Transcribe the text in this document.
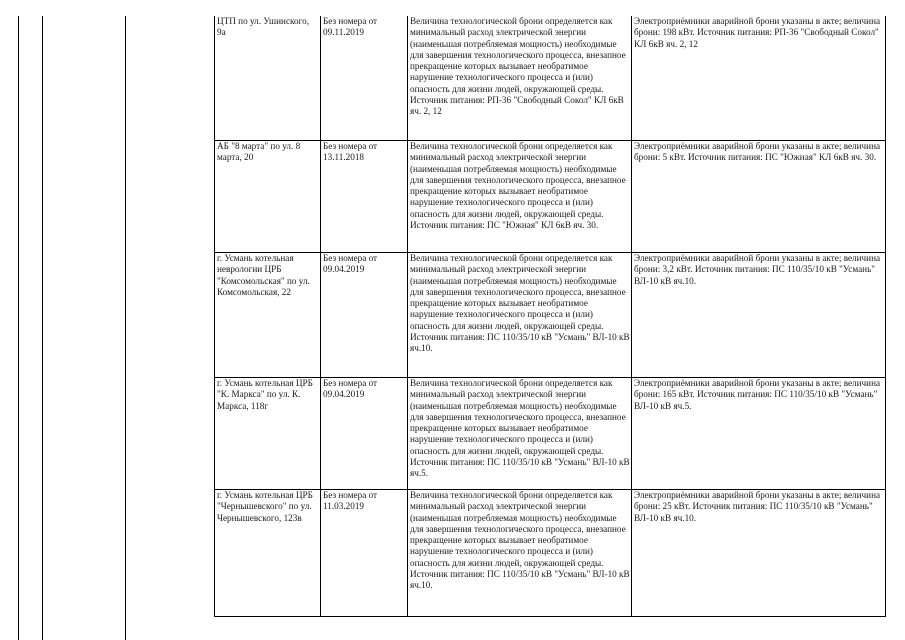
ЦТП по ул. Ушинского, 9а	Без номера от 09.11.2019	Величина технологической брони определяется как минимальный расход электрической энергии (наименьшая потребляемая мощность) необходимые для завершения технологического процесса, внезапное прекращение которых вызывает необратимое нарушение технологического процесса и (или) опасность для жизни людей, окружающей среды. Источник питания: РП-36 "Свободный Сокол" КЛ 6кВ яч. 2, 12	Электроприёмники аварийной брони указаны в акте; величина брони: 198 кВт. Источник питания: РП-36 "Свободный Сокол" КЛ 6кВ яч. 2, 12

АБ "8 марта" по ул. 8 марта, 20	Без номера от 13.11.2018	Величина технологической брони определяется как минимальный расход электрической энергии (наименьшая потребляемая мощность) необходимые для завершения технологического процесса, внезапное прекращение которых вызывает необратимое нарушение технологического процесса и (или) опасность для жизни людей, окружающей среды. Источник питания: ПС "Южная" КЛ 6кВ яч. 30.	Электроприёмники аварийной брони указаны в акте; величина брони: 5 кВт. Источник питания: ПС "Южная" КЛ 6кВ яч. 30.

г. Усмань котельная неврологии ЦРБ "Комсомольская" по ул. Комсомольская, 22	Без номера от 09.04.2019	Величина технологической брони определяется как минимальный расход электрической энергии (наименьшая потребляемая мощность) необходимые для завершения технологического процесса, внезапное прекращение которых вызывает необратимое нарушение технологического процесса и (или) опасность для жизни людей, окружающей среды. Источник питания: ПС 110/35/10 кВ "Усмань" ВЛ-10 кВ яч.10.	Электроприёмники аварийной брони указаны в акте; величина брони: 3,2 кВт. Источник питания: ПС 110/35/10 кВ "Усмань" ВЛ-10 кВ яч.10.

г. Усмань котельная ЦРБ "К. Маркса" по ул. К. Маркса, 118г	Без номера от 09.04.2019	Величина технологической брони определяется как минимальный расход электрической энергии (наименьшая потребляемая мощность) необходимые для завершения технологического процесса, внезапное прекращение которых вызывает необратимое нарушение технологического процесса и (или) опасность для жизни людей, окружающей среды. Источник питания: ПС 110/35/10 кВ "Усмань" ВЛ-10 кВ яч.5.	Электроприёмники аварийной брони указаны в акте; величина брони: 165 кВт. Источник питания: ПС 110/35/10 кВ "Усмань" ВЛ-10 кВ яч.5.

г. Усмань котельная ЦРБ "Чернышевского" по ул. Чернышевского, 123в	Без номера от 11.03.2019	Величина технологической брони определяется как минимальный расход электрической энергии (наименьшая потребляемая мощность) необходимые для завершения технологического процесса, внезапное прекращение которых вызывает необратимое нарушение технологического процесса и (или) опасность для жизни людей, окружающей среды. Источник питания: ПС 110/35/10 кВ "Усмань" ВЛ-10 кВ яч.10.	Электроприёмники аварийной брони указаны в акте; величина брони: 25 кВт. Источник питания: ПС 110/35/10 кВ "Усмань" ВЛ-10 кВ яч.10.
